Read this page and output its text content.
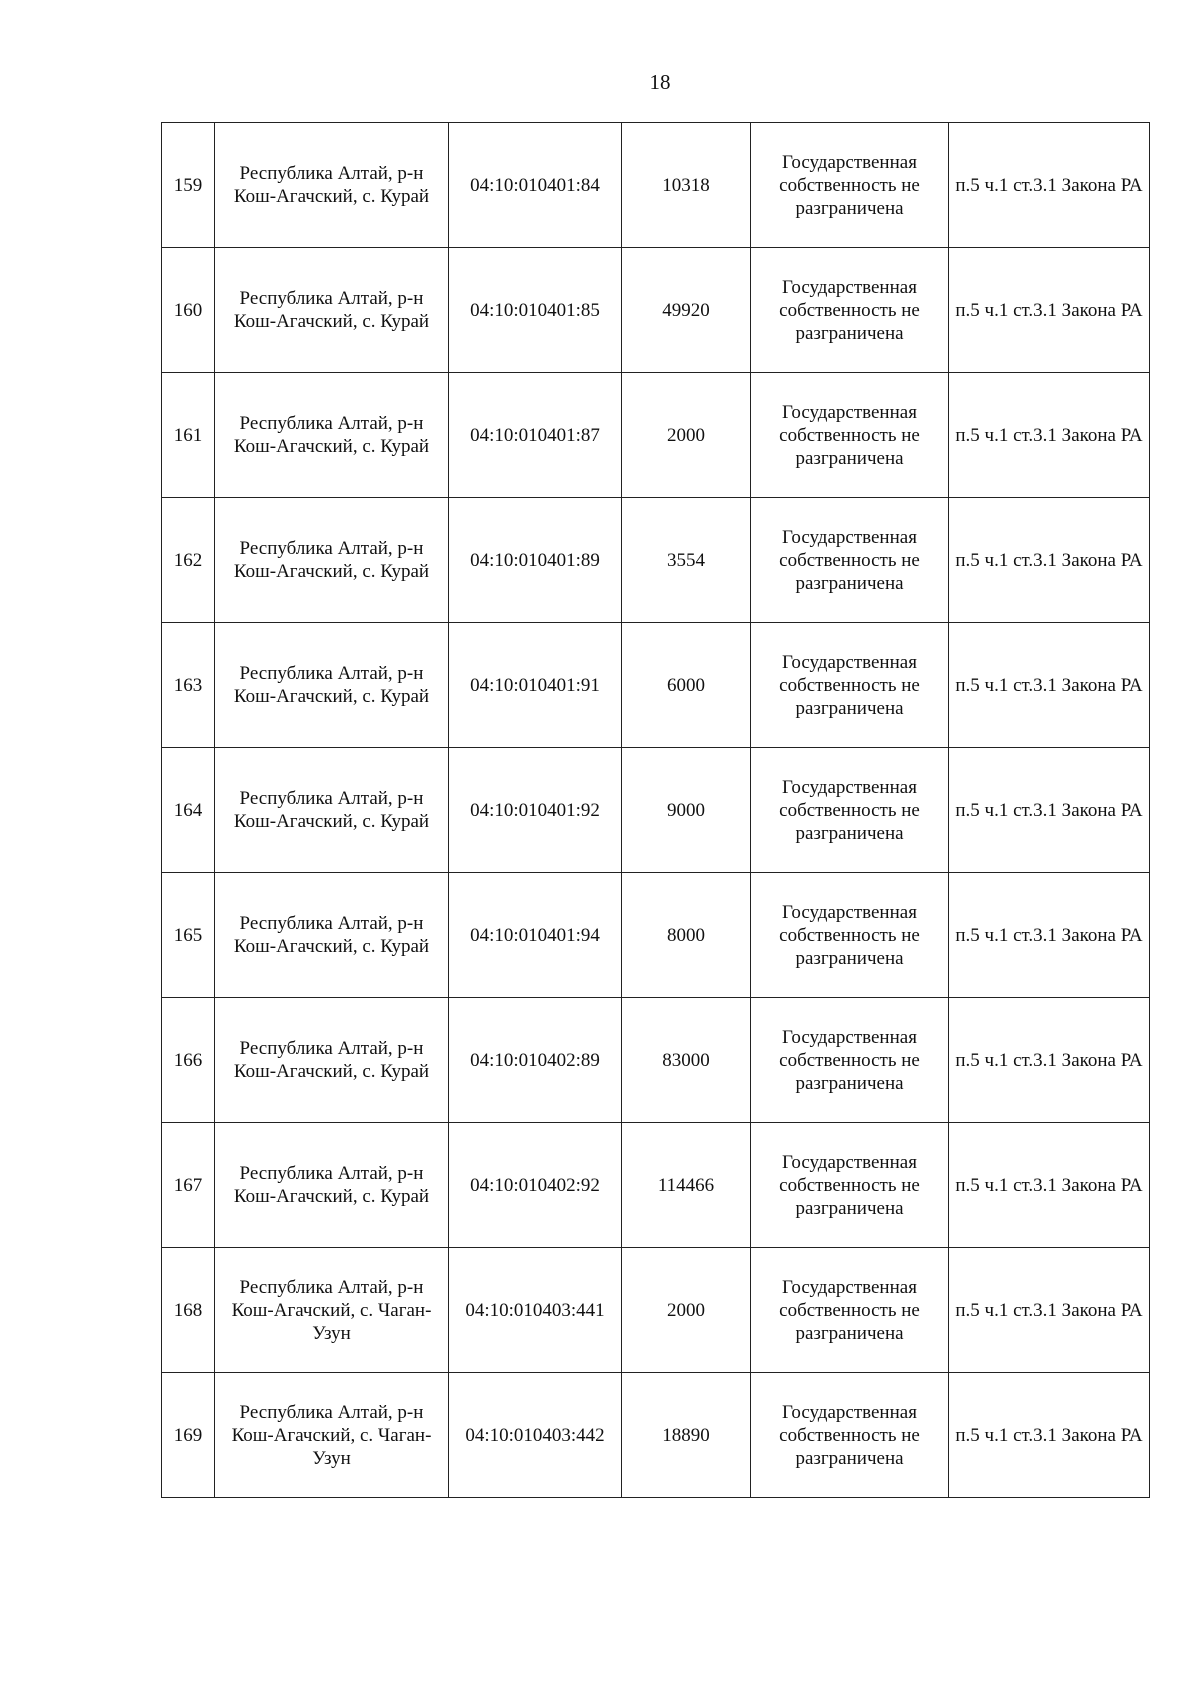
18
159	Республика Алтай, р-н Кош-Агачский, с. Курай	04:10:010401:84	10318	Государственная собственность не разграничена	п.5 ч.1 ст.3.1 Закона РА
160	Республика Алтай, р-н Кош-Агачский, с. Курай	04:10:010401:85	49920	Государственная собственность не разграничена	п.5 ч.1 ст.3.1 Закона РА
161	Республика Алтай, р-н Кош-Агачский, с. Курай	04:10:010401:87	2000	Государственная собственность не разграничена	п.5 ч.1 ст.3.1 Закона РА
162	Республика Алтай, р-н Кош-Агачский, с. Курай	04:10:010401:89	3554	Государственная собственность не разграничена	п.5 ч.1 ст.3.1 Закона РА
163	Республика Алтай, р-н Кош-Агачский, с. Курай	04:10:010401:91	6000	Государственная собственность не разграничена	п.5 ч.1 ст.3.1 Закона РА
164	Республика Алтай, р-н Кош-Агачский, с. Курай	04:10:010401:92	9000	Государственная собственность не разграничена	п.5 ч.1 ст.3.1 Закона РА
165	Республика Алтай, р-н Кош-Агачский, с. Курай	04:10:010401:94	8000	Государственная собственность не разграничена	п.5 ч.1 ст.3.1 Закона РА
166	Республика Алтай, р-н Кош-Агачский, с. Курай	04:10:010402:89	83000	Государственная собственность не разграничена	п.5 ч.1 ст.3.1 Закона РА
167	Республика Алтай, р-н Кош-Агачский, с. Курай	04:10:010402:92	114466	Государственная собственность не разграничена	п.5 ч.1 ст.3.1 Закона РА
168	Республика Алтай, р-н Кош-Агачский, с. Чаган-Узун	04:10:010403:441	2000	Государственная собственность не разграничена	п.5 ч.1 ст.3.1 Закона РА
169	Республика Алтай, р-н Кош-Агачский, с. Чаган-Узун	04:10:010403:442	18890	Государственная собственность не разграничена	п.5 ч.1 ст.3.1 Закона РА
